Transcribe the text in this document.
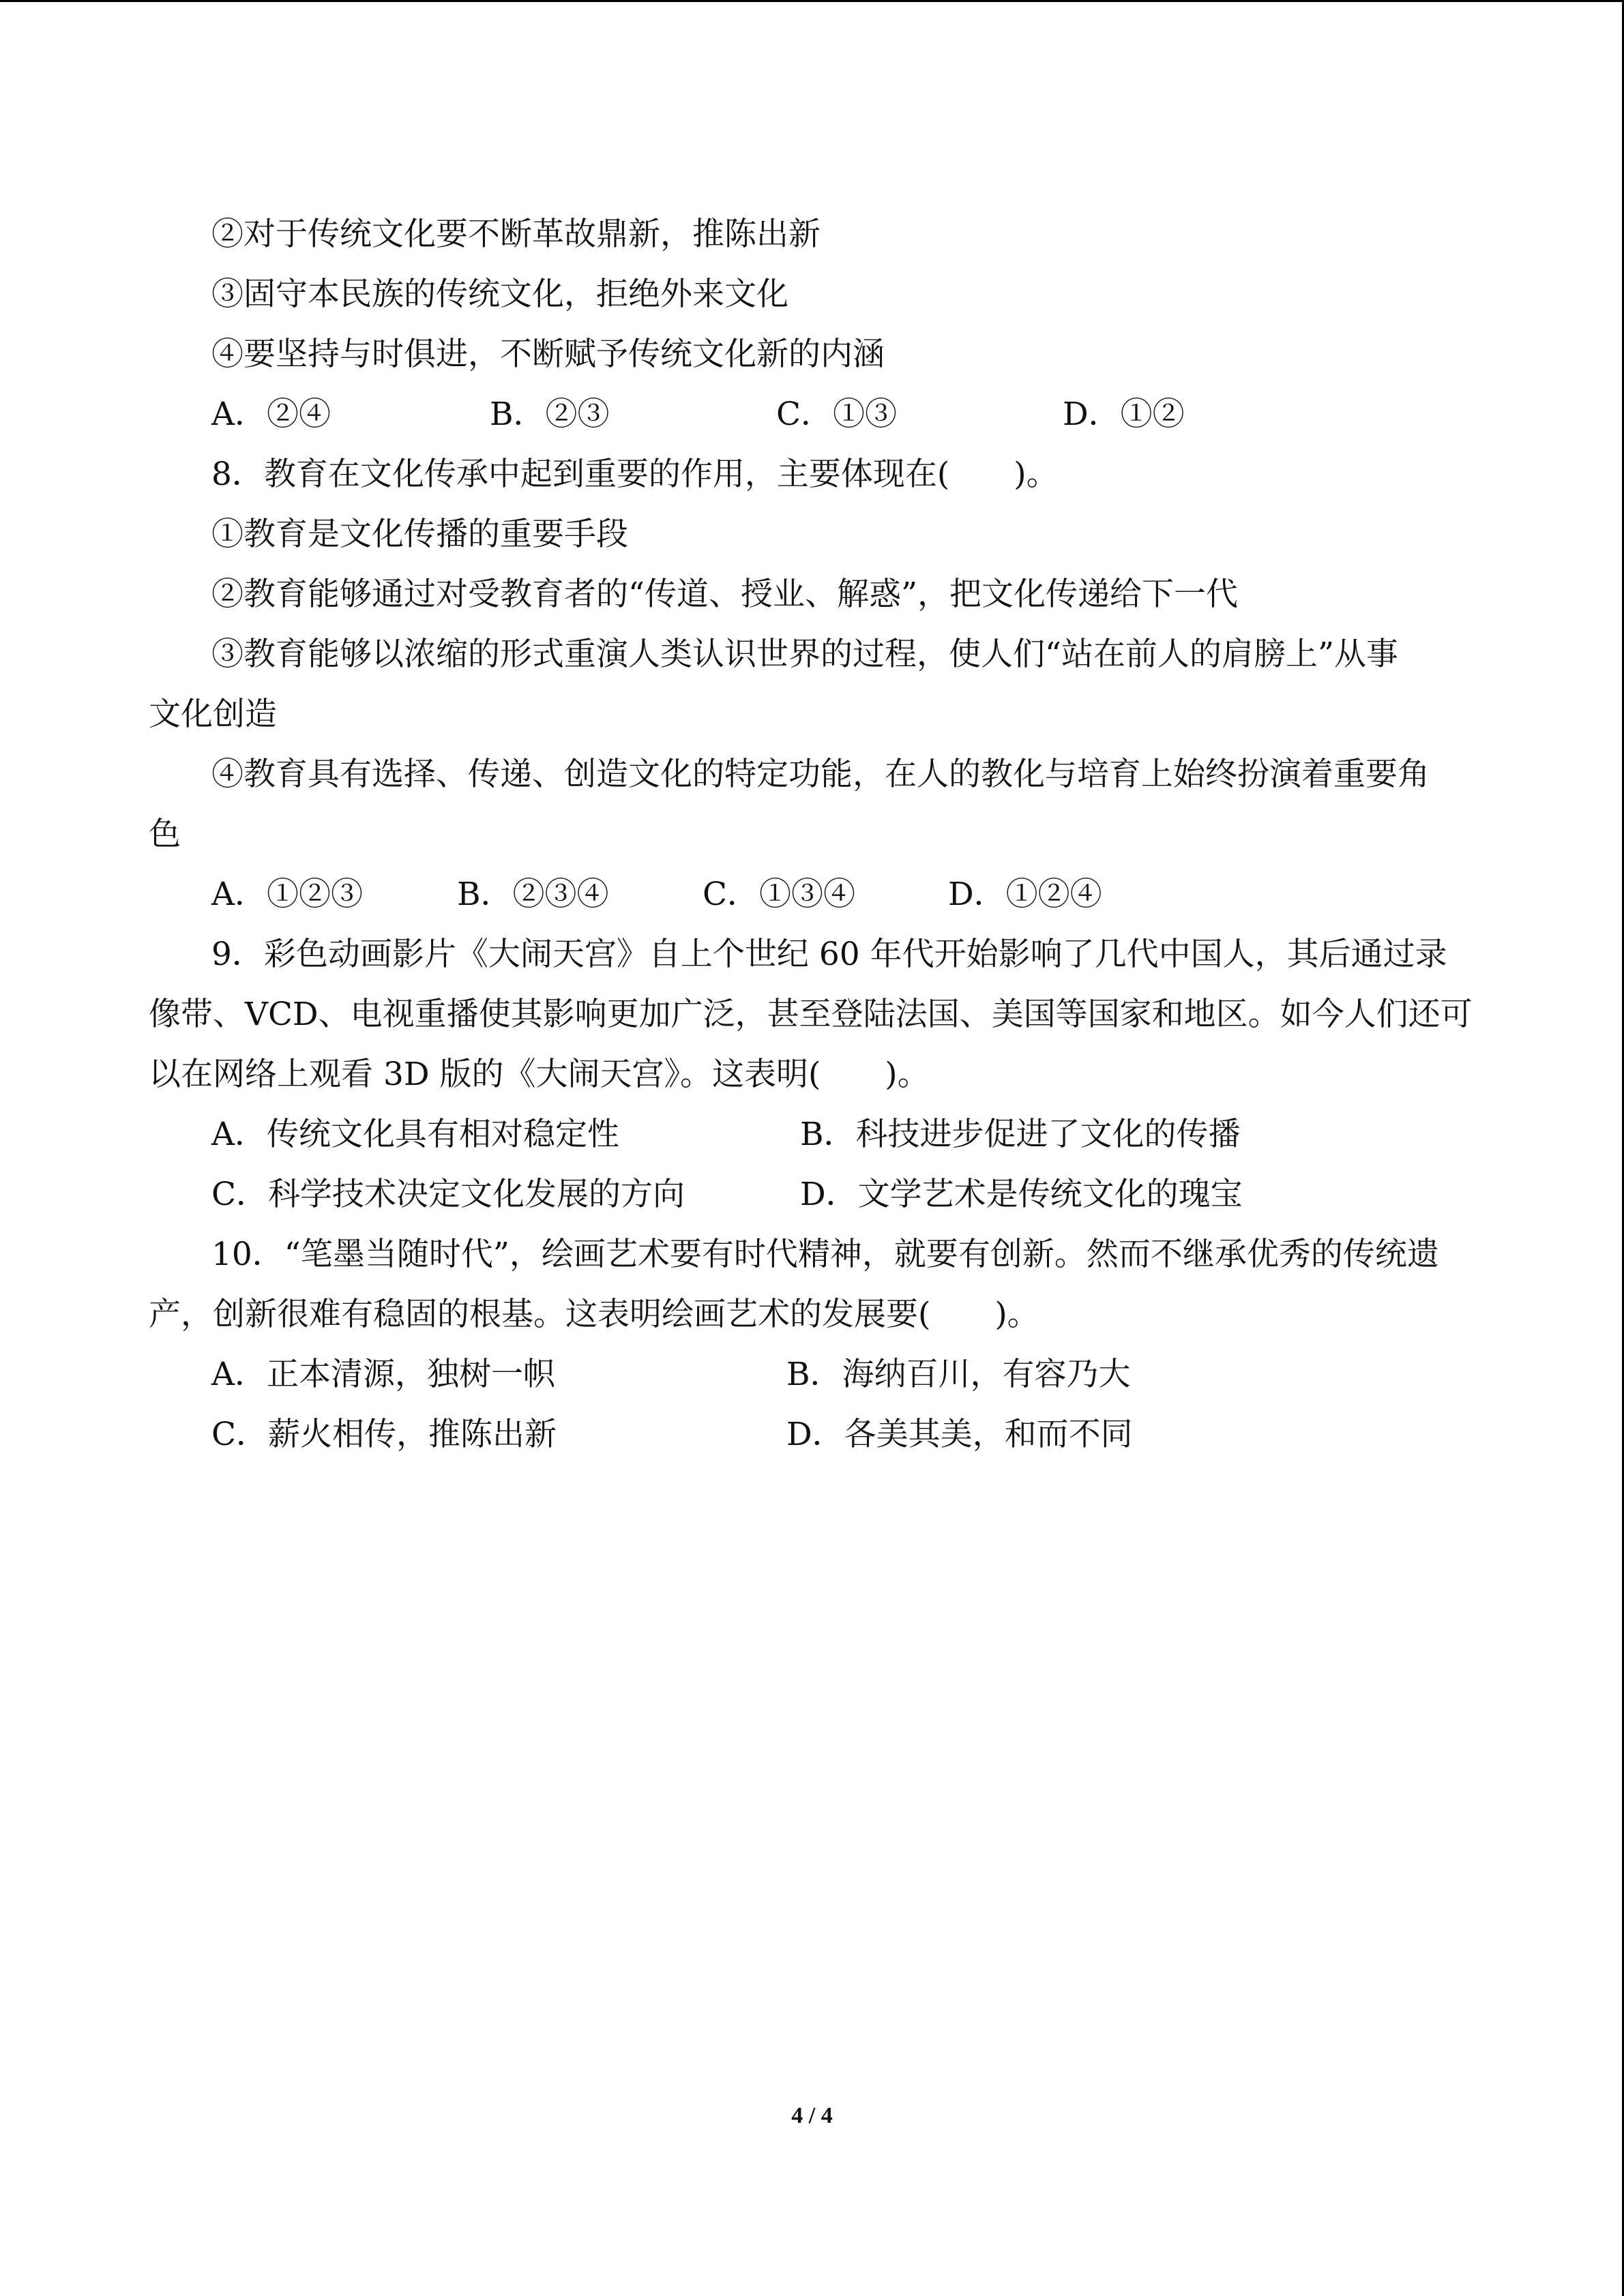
②对于传统文化要不断革故鼎新，推陈出新

③固守本民族的传统文化，拒绝外来文化

④要坚持与时俱进，不断赋予传统文化新的内涵

A．②④	B．②③	C．①③	D．①②

8．教育在文化传承中起到重要的作用，主要体现在(　　)。

①教育是文化传播的重要手段

②教育能够通过对受教育者的“传道、授业、解惑”，把文化传递给下一代

③教育能够以浓缩的形式重演人类认识世界的过程，使人们“站在前人的肩膀上”从事

文化创造

④教育具有选择、传递、创造文化的特定功能，在人的教化与培育上始终扮演着重要角

色

A．①②③	B．②③④	C．①③④	D．①②④

9．彩色动画影片《大闹天宫》自上个世纪 60 年代开始影响了几代中国人，其后通过录

像带、VCD、电视重播使其影响更加广泛，甚至登陆法国、美国等国家和地区。如今人们还可

以在网络上观看 3D 版的《大闹天宫》。这表明(　　)。

A．传统文化具有相对稳定性	B．科技进步促进了文化的传播
C．科学技术决定文化发展的方向	D．文学艺术是传统文化的瑰宝

10．“笔墨当随时代”，绘画艺术要有时代精神，就要有创新。然而不继承优秀的传统遗

产，创新很难有稳固的根基。这表明绘画艺术的发展要(　　)。

A．正本清源，独树一帜	B．海纳百川，有容乃大
C．薪火相传，推陈出新	D．各美其美，和而不同
4 / 4
